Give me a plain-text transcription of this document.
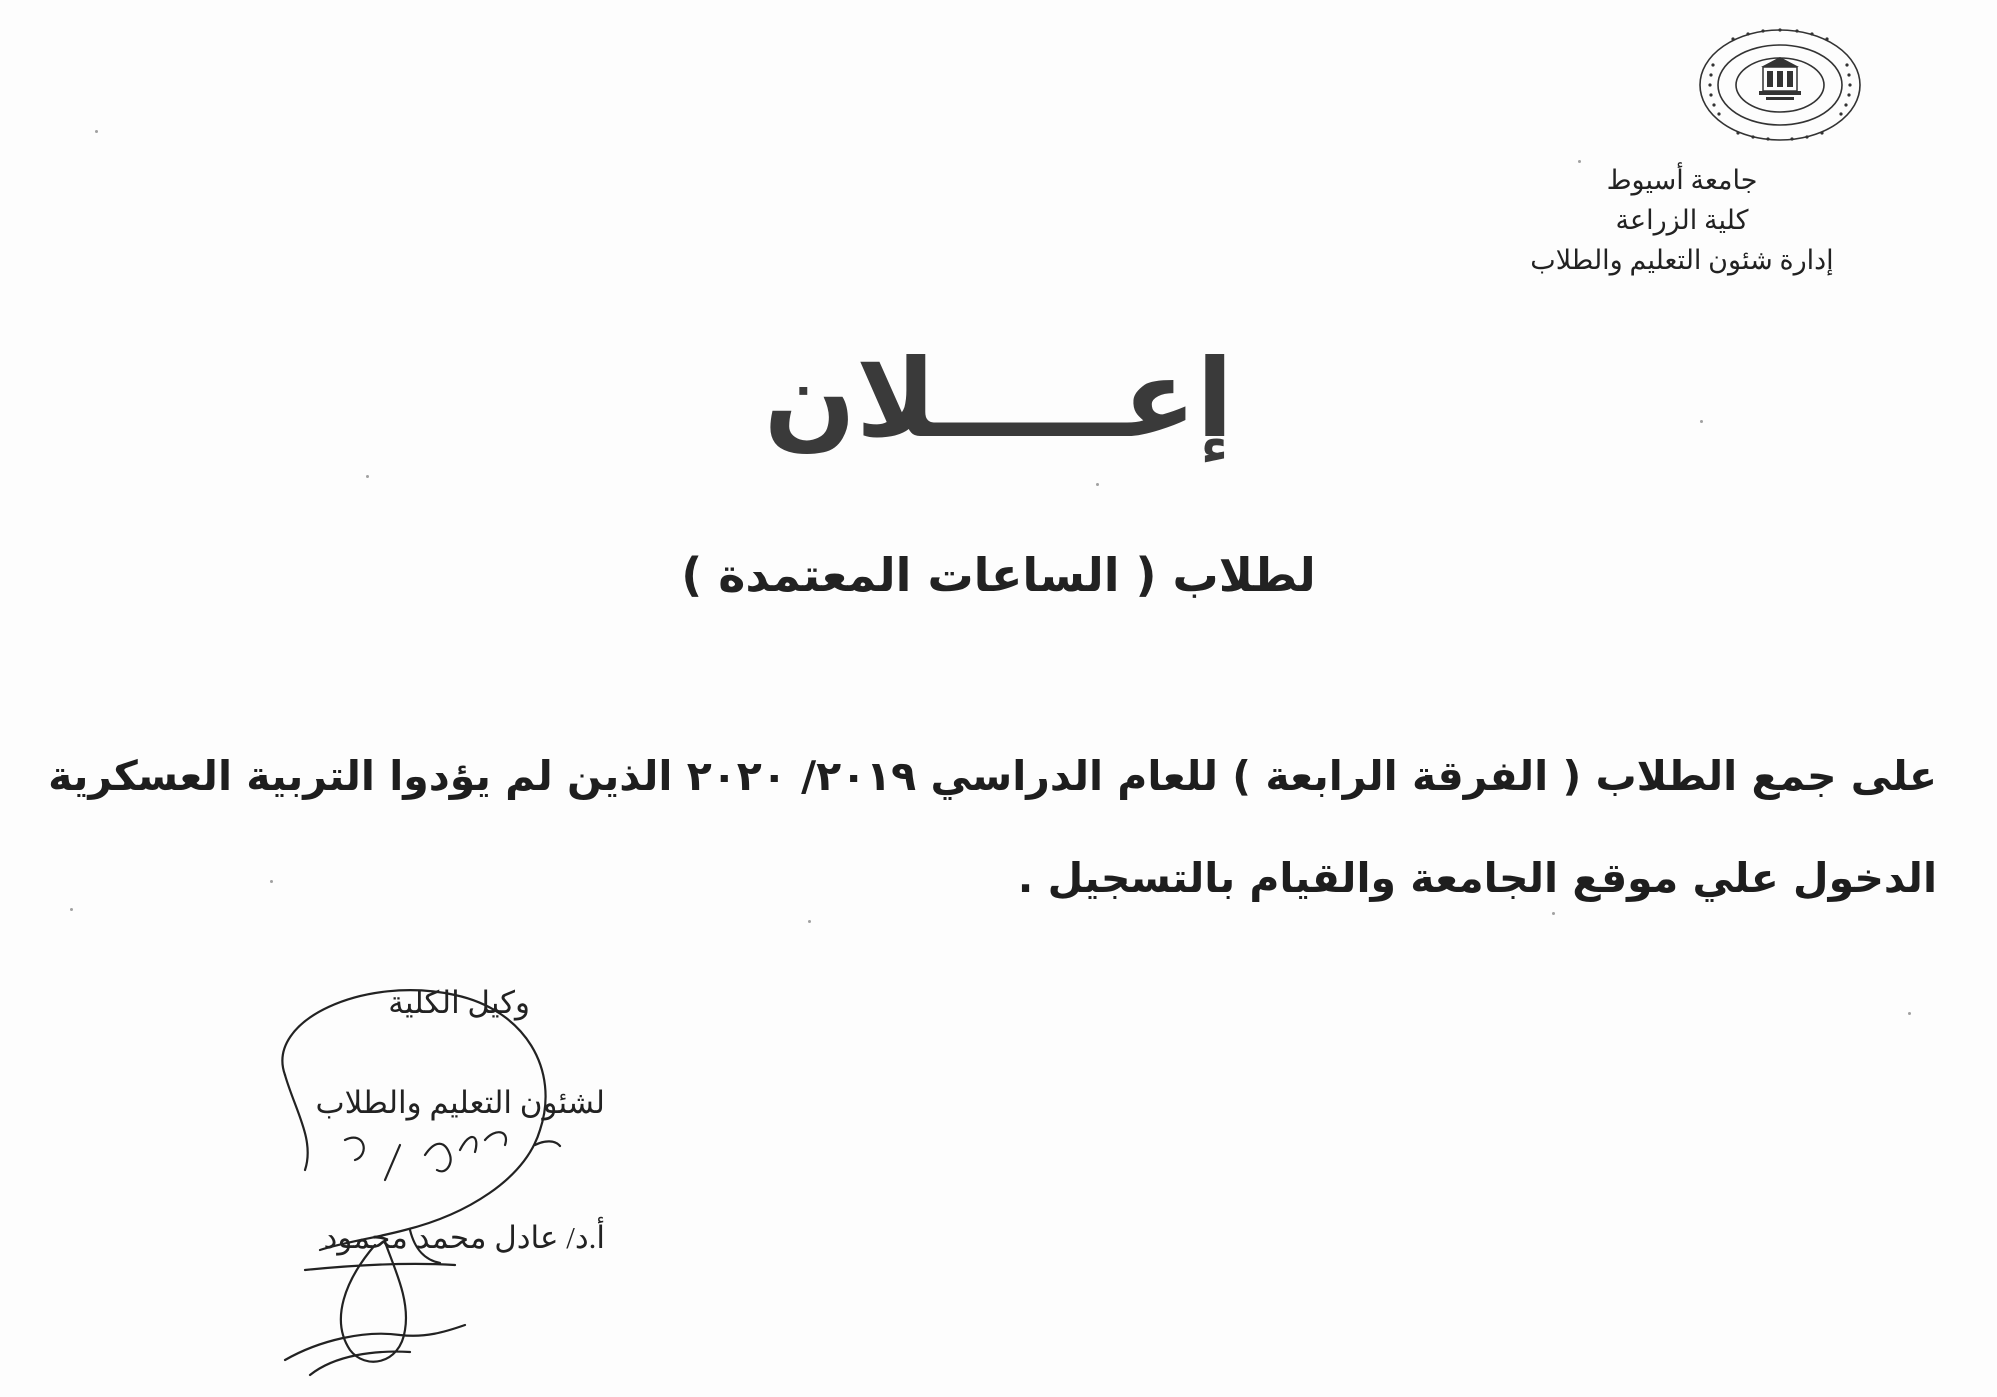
جامعة أسيوط
كلية الزراعة
إدارة شئون التعليم والطلاب
إعـــــلان
لطلاب ( الساعات المعتمدة )
على جمع الطلاب ( الفرقة الرابعة ) للعام الدراسي ٢٠١٩/ ٢٠٢٠ الذين لم يؤدوا التربية العسكرية
الدخول علي موقع الجامعة والقيام بالتسجيل .
وكيل الكلية
لشئون التعليم والطلاب
أ.د/ عادل محمد محمود
